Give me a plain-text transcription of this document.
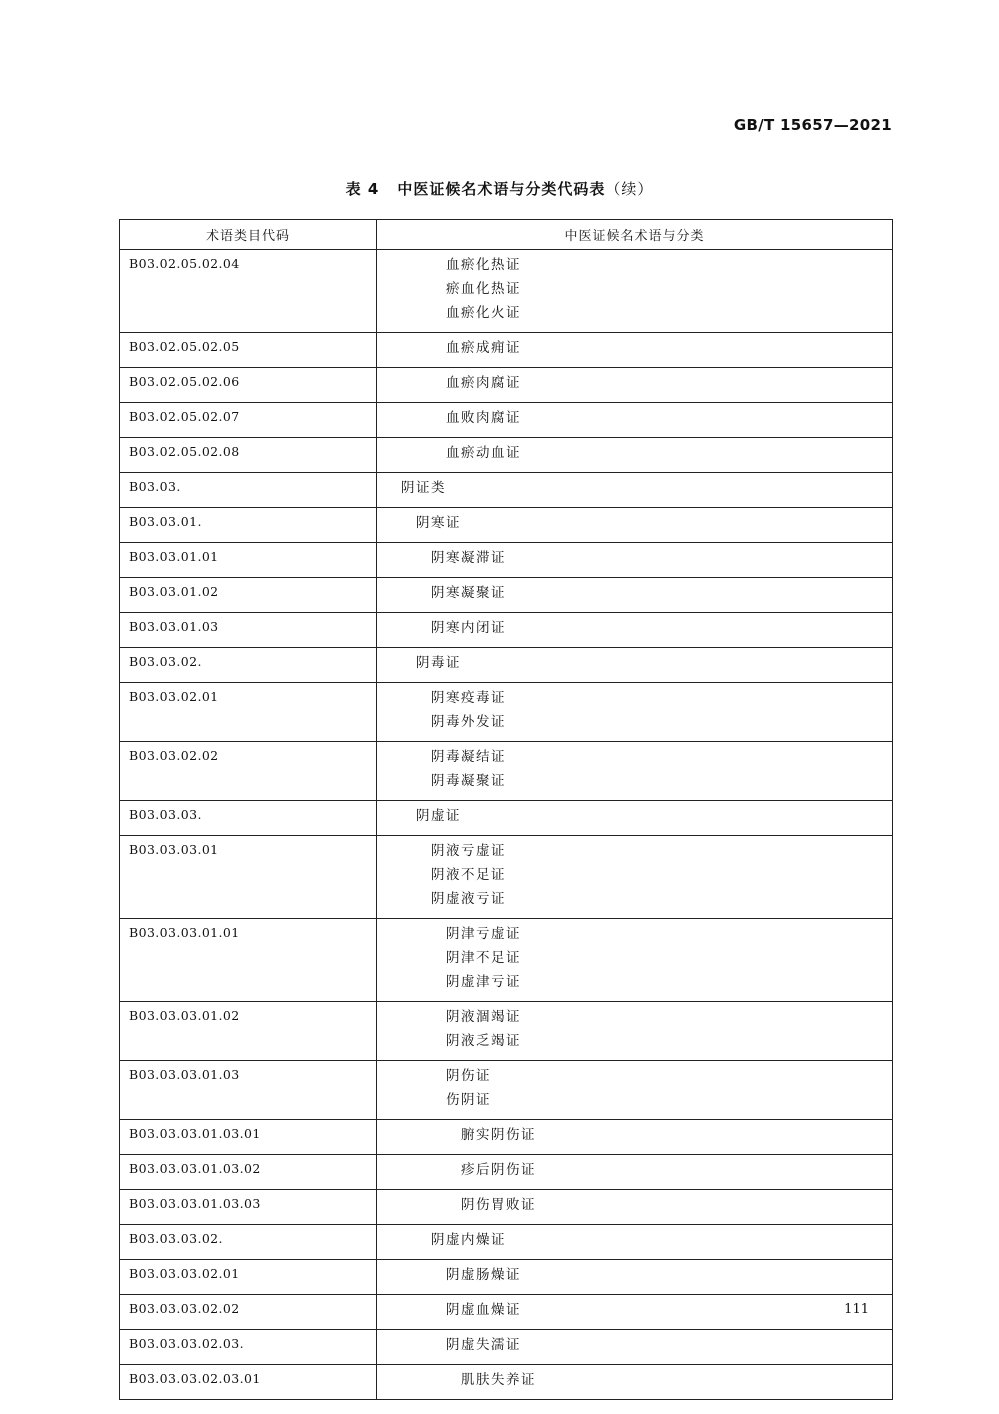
GB/T 15657—2021
表 4 中医证候名术语与分类代码表（续）
术语类目代码	中医证候名术语与分类
B03.02.05.02.04	血瘀化热证
瘀血化热证
血瘀化火证

B03.02.05.02.05	血瘀成痈证

B03.02.05.02.06	血瘀肉腐证

B03.02.05.02.07	血败肉腐证

B03.02.05.02.08	血瘀动血证

B03.03.	阴证类

B03.03.01.	阴寒证

B03.03.01.01	阴寒凝滞证

B03.03.01.02	阴寒凝聚证

B03.03.01.03	阴寒内闭证

B03.03.02.	阴毒证

B03.03.02.01	阴寒疫毒证
阴毒外发证

B03.03.02.02	阴毒凝结证
阴毒凝聚证

B03.03.03.	阴虚证

B03.03.03.01	阴液亏虚证
阴液不足证
阴虚液亏证

B03.03.03.01.01	阴津亏虚证
阴津不足证
阴虚津亏证

B03.03.03.01.02	阴液涸竭证
阴液乏竭证

B03.03.03.01.03	阴伤证
伤阴证

B03.03.03.01.03.01	腑实阴伤证

B03.03.03.01.03.02	疹后阴伤证

B03.03.03.01.03.03	阴伤胃败证

B03.03.03.02.	阴虚内燥证

B03.03.03.02.01	阴虚肠燥证

B03.03.03.02.02	阴虚血燥证

B03.03.03.02.03.	阴虚失濡证

B03.03.03.02.03.01	肌肤失养证
111
